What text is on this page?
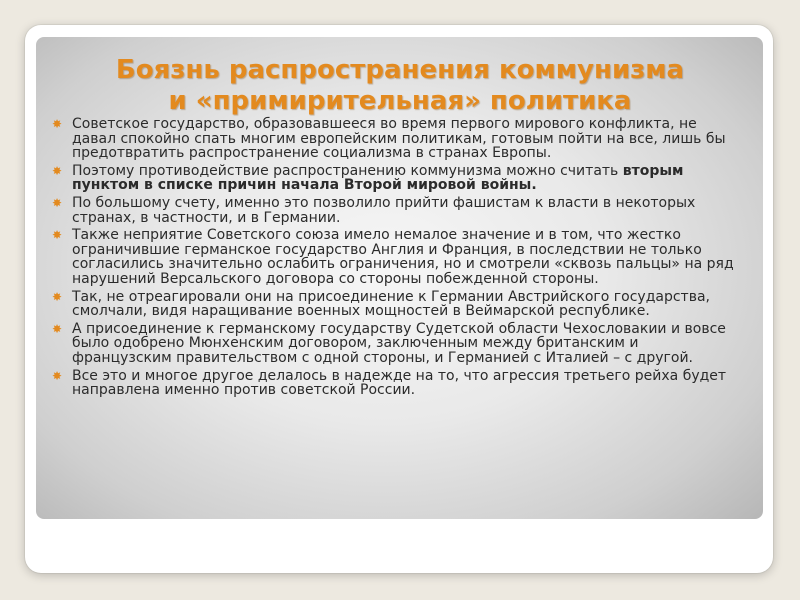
Боязнь распространения коммунизма
и «примирительная» политика
✸ Советское государство, образовавшееся во время первого мирового конфликта, не давал спокойно спать многим европейским политикам, готовым пойти на все, лишь бы предотвратить распространение социализма в странах Европы.
✸ Поэтому противодействие распространению коммунизма можно считать вторым пунктом в списке причин начала Второй мировой войны.
✸ По большому счету, именно это позволило прийти фашистам к власти в некоторых странах, в частности, и в Германии.
✸ Также неприятие Советского союза имело немалое значение и в том, что жестко ограничившие германское государство Англия и Франция, в последствии не только согласились значительно ослабить ограничения, но и смотрели «сквозь пальцы» на ряд нарушений Версальского договора со стороны побежденной стороны.
✸ Так, не отреагировали они на присоединение к Германии Австрийского государства, смолчали, видя наращивание военных мощностей в Веймарской республике.
✸ А присоединение к германскому государству Судетской области Чехословакии и вовсе было одобрено Мюнхенским договором, заключенным между британским и французским правительством с одной стороны, и Германией с Италией – с другой.
✸ Все это и многое другое делалось в надежде на то, что агрессия третьего рейха будет направлена именно против советской России.
